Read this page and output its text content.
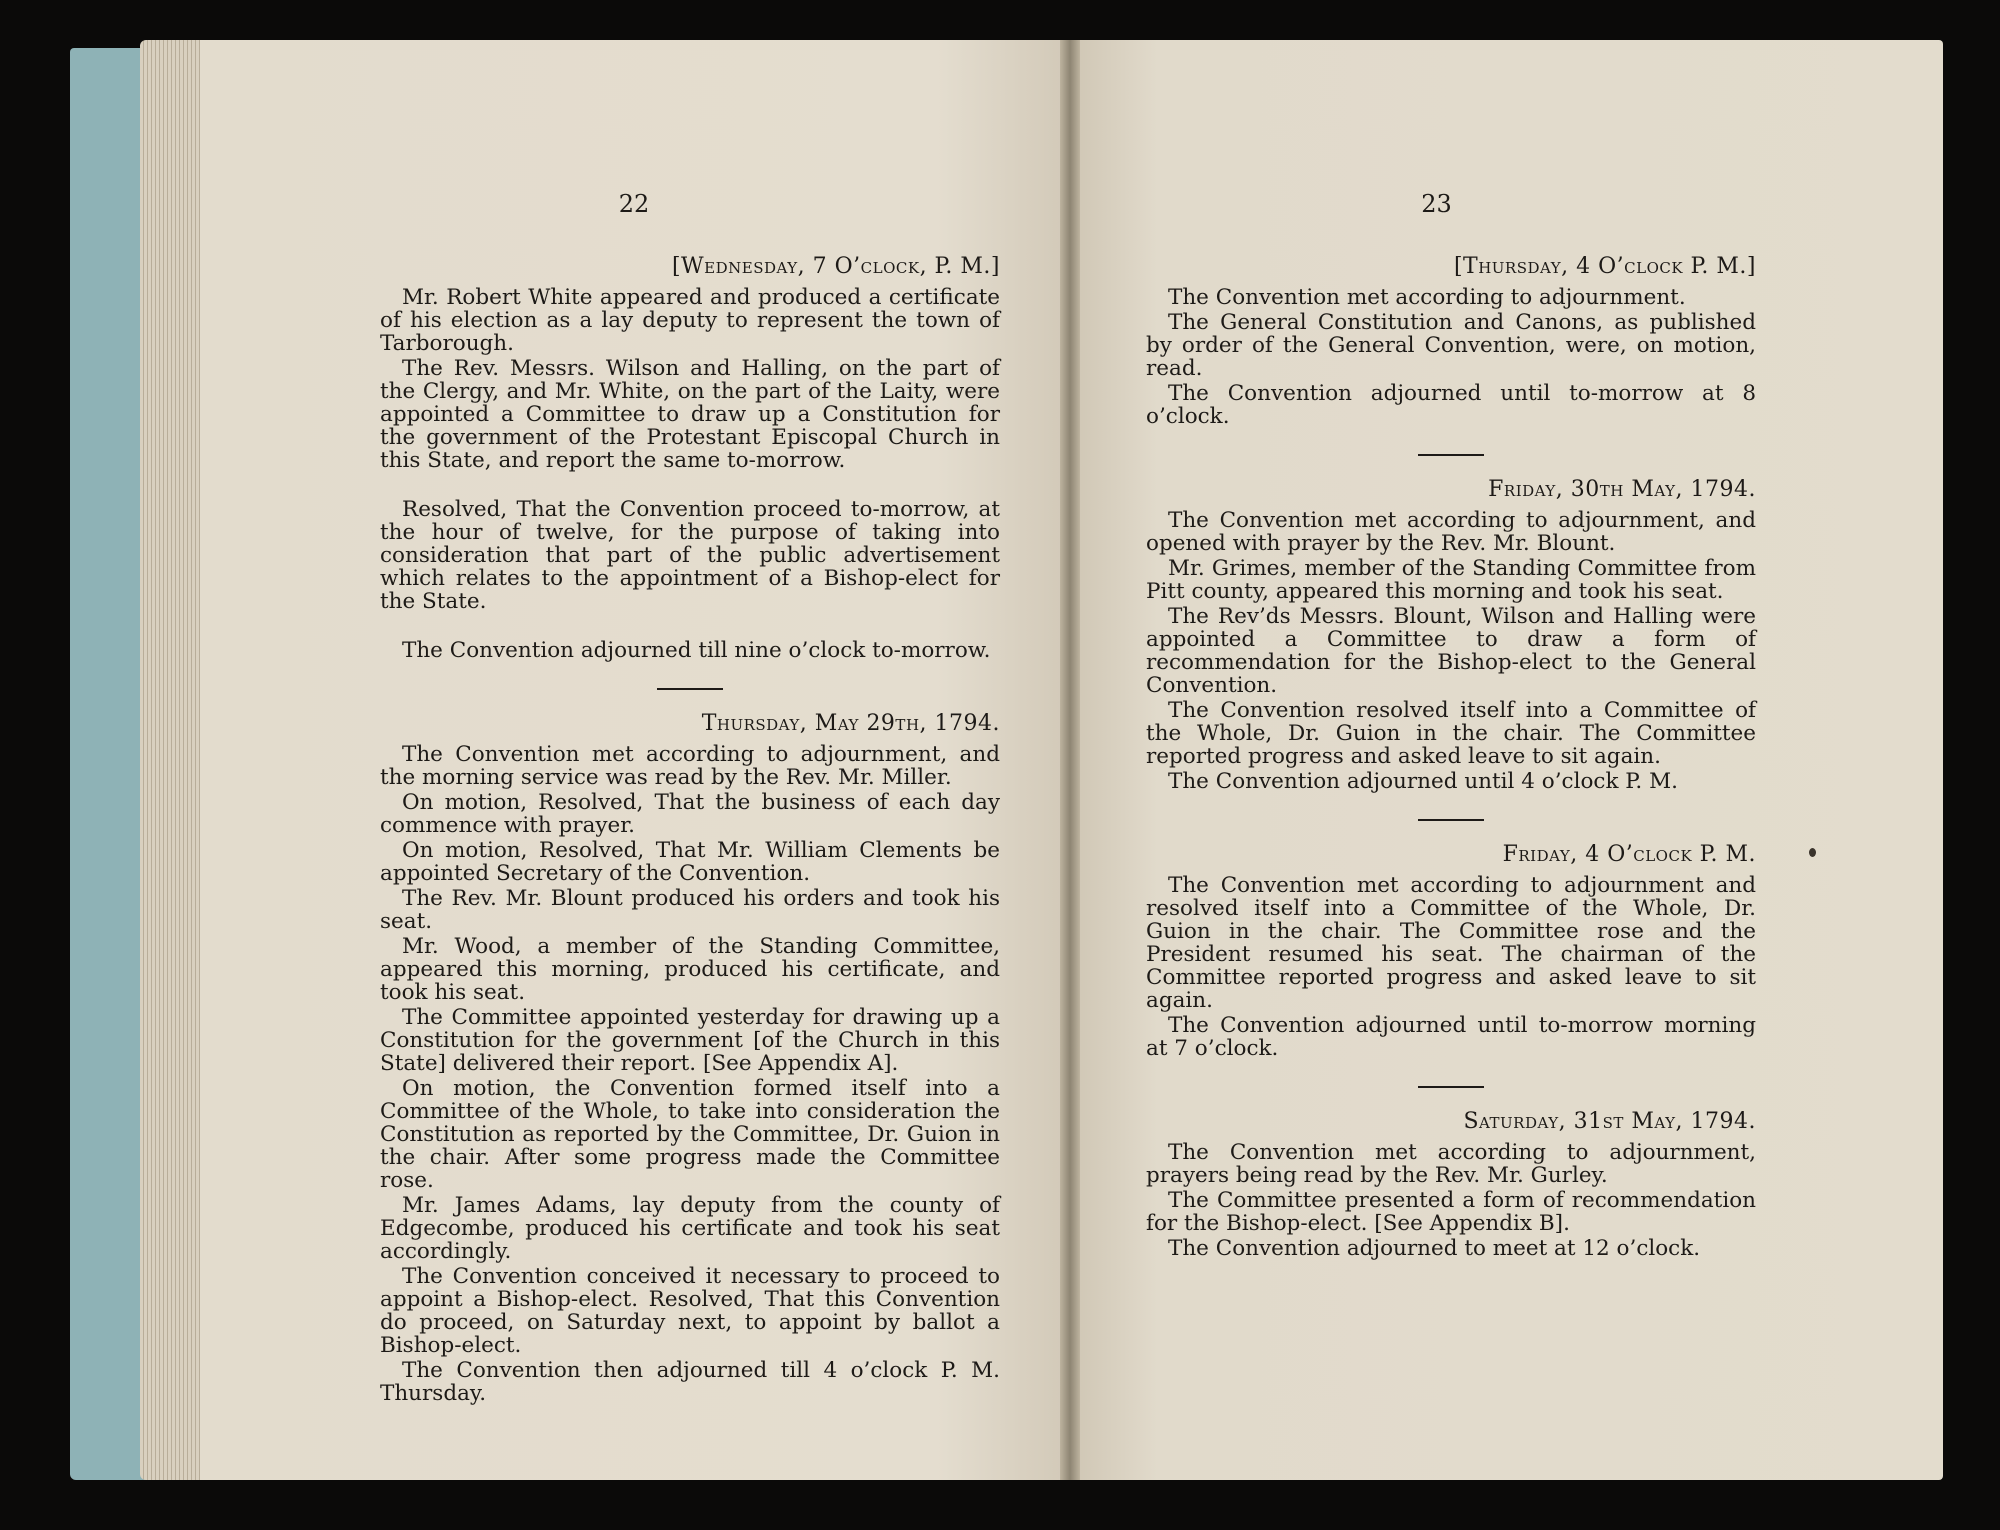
22
[Wednesday, 7 O’clock, P. M.]

Mr. Robert White appeared and produced a certificate of his election as a lay deputy to represent the town of Tarborough.

The Rev. Messrs. Wilson and Halling, on the part of the Clergy, and Mr. White, on the part of the Laity, were appointed a Committee to draw up a Constitution for the government of the Protestant Episcopal Church in this State, and report the same to-morrow.

Resolved, That the Convention proceed to-morrow, at the hour of twelve, for the purpose of taking into consideration that part of the public advertisement which relates to the appointment of a Bishop-elect for the State.

The Convention adjourned till nine o’clock to-morrow.

Thursday, May 29th, 1794.

The Convention met according to adjournment, and the morning service was read by the Rev. Mr. Miller.

On motion, Resolved, That the business of each day commence with prayer.

On motion, Resolved, That Mr. William Clements be appointed Secretary of the Convention.

The Rev. Mr. Blount produced his orders and took his seat.

Mr. Wood, a member of the Standing Committee, appeared this morning, produced his certificate, and took his seat.

The Committee appointed yesterday for drawing up a Constitution for the government [of the Church in this State] delivered their report. [See Appendix A].

On motion, the Convention formed itself into a Committee of the Whole, to take into consideration the Constitution as reported by the Committee, Dr. Guion in the chair. After some progress made the Committee rose.

Mr. James Adams, lay deputy from the county of Edgecombe, produced his certificate and took his seat accordingly.

The Convention conceived it necessary to proceed to appoint a Bishop-elect. Resolved, That this Convention do proceed, on Saturday next, to appoint by ballot a Bishop-elect.

The Convention then adjourned till 4 o’clock P. M. Thursday.

23
[Thursday, 4 O’clock P. M.]

The Convention met according to adjournment.

The General Constitution and Canons, as published by order of the General Convention, were, on motion, read.

The Convention adjourned until to-morrow at 8 o’clock.

Friday, 30th May, 1794.

The Convention met according to adjournment, and opened with prayer by the Rev. Mr. Blount.

Mr. Grimes, member of the Standing Committee from Pitt county, appeared this morning and took his seat.

The Rev’ds Messrs. Blount, Wilson and Halling were appointed a Committee to draw a form of recommendation for the Bishop-elect to the General Convention.

The Convention resolved itself into a Committee of the Whole, Dr. Guion in the chair. The Committee reported progress and asked leave to sit again.

The Convention adjourned until 4 o’clock P. M.

Friday, 4 O’clock P. M.

The Convention met according to adjournment and resolved itself into a Committee of the Whole, Dr. Guion in the chair. The Committee rose and the President resumed his seat. The chairman of the Committee reported progress and asked leave to sit again.

The Convention adjourned until to-morrow morning at 7 o’clock.

Saturday, 31st May, 1794.

The Convention met according to adjournment, prayers being read by the Rev. Mr. Gurley.

The Committee presented a form of recommendation for the Bishop-elect. [See Appendix B].

The Convention adjourned to meet at 12 o’clock.
